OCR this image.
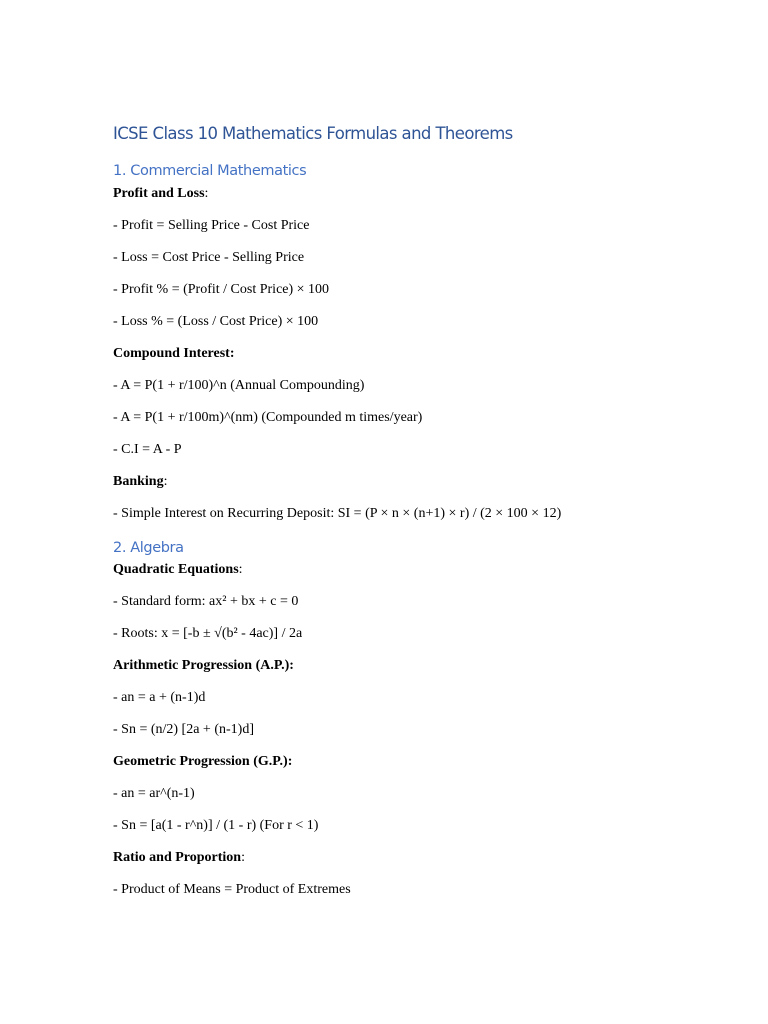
ICSE Class 10 Mathematics Formulas and Theorems
1. Commercial Mathematics

Profit and Loss:

- Profit = Selling Price - Cost Price

- Loss = Cost Price - Selling Price

- Profit % = (Profit / Cost Price) × 100

- Loss % = (Loss / Cost Price) × 100

Compound Interest:

- A = P(1 + r/100)^n (Annual Compounding)

- A = P(1 + r/100m)^(nm) (Compounded m times/year)

- C.I = A - P

Banking:

- Simple Interest on Recurring Deposit: SI = (P × n × (n+1) × r) / (2 × 100 × 12)

2. Algebra

Quadratic Equations:

- Standard form: ax² + bx + c = 0

- Roots: x = [-b ± √(b² - 4ac)] / 2a

Arithmetic Progression (A.P.):

- an = a + (n-1)d

- Sn = (n/2) [2a + (n-1)d]

Geometric Progression (G.P.):

- an = ar^(n-1)

- Sn = [a(1 - r^n)] / (1 - r) (For r < 1)

Ratio and Proportion:

- Product of Means = Product of Extremes
